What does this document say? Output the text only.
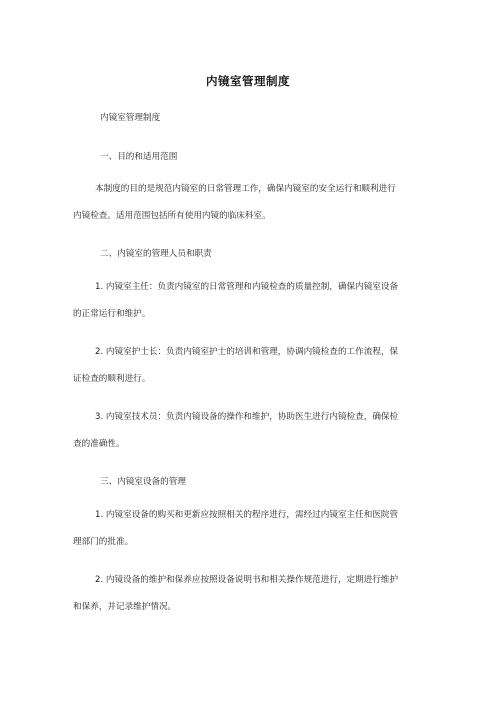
内镜室管理制度
内镜室管理制度
一、目的和适用范围
本制度的目的是规范内镜室的日常管理工作，确保内镜室的安全运行和顺利进行
内镜检查。适用范围包括所有使用内镜的临床科室。
二、内镜室的管理人员和职责
1. 内镜室主任：负责内镜室的日常管理和内镜检查的质量控制，确保内镜室设备
的正常运行和维护。
2. 内镜室护士长：负责内镜室护士的培训和管理，协调内镜检查的工作流程，保
证检查的顺利进行。
3. 内镜室技术员：负责内镜设备的操作和维护，协助医生进行内镜检查，确保检
查的准确性。
三、内镜室设备的管理
1. 内镜室设备的购买和更新应按照相关的程序进行，需经过内镜室主任和医院管
理部门的批准。
2. 内镜设备的维护和保养应按照设备说明书和相关操作规范进行，定期进行维护
和保养，并记录维护情况。
